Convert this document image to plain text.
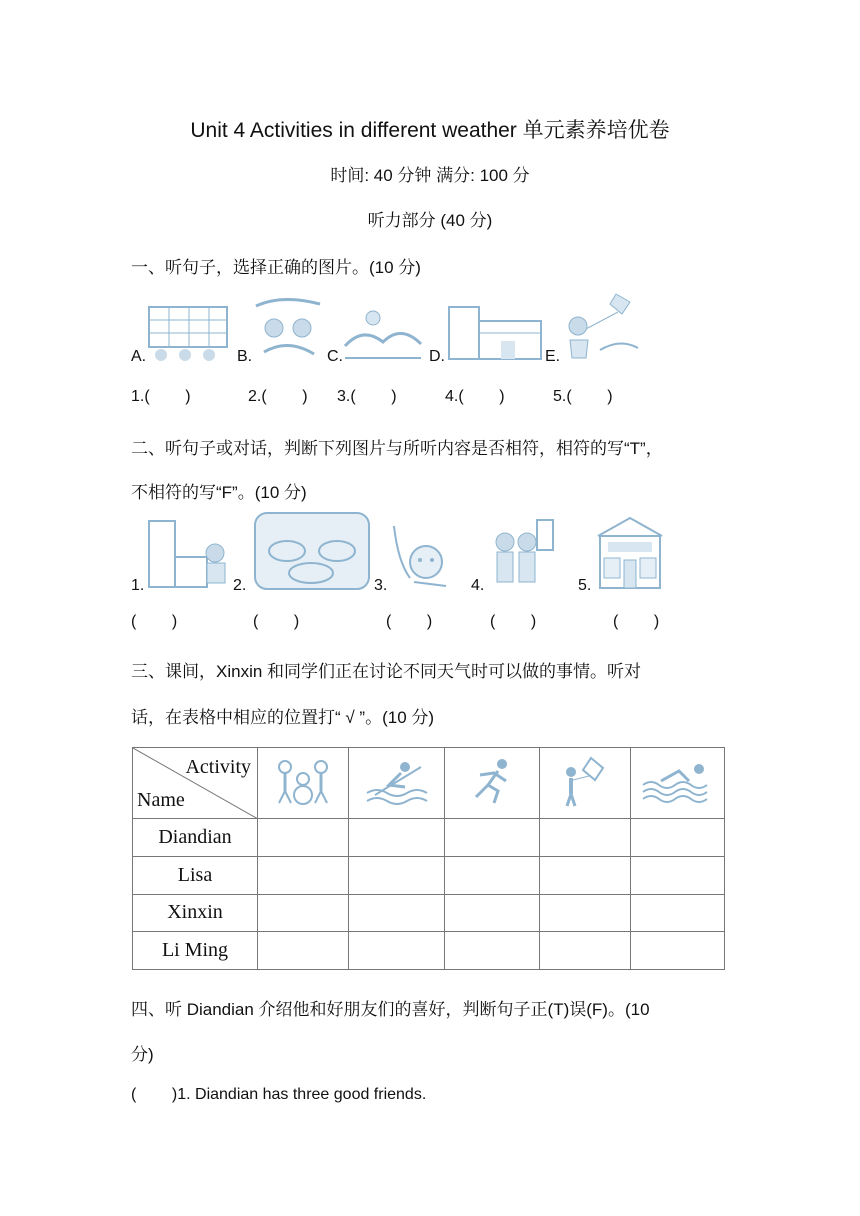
Unit 4 Activities in different weather 单元素养培优卷
时间: 40 分钟 满分: 100 分
听力部分 (40 分)
一、听句子，选择正确的图片。(10 分)
A.	B.	C.	D.	E.
1.(        )	2.(        ) 3.(        )	4.(        )	5.(        )
二、听句子或对话，判断下列图片与所听内容是否相符，相符的写“T”，
不相符的写“F”。(10 分)
1.	2.	3.	4.	5.
(        )	(        )	(        )	(        )	(        )
三、课间，Xinxin 和同学们正在讨论不同天气时可以做的事情。听对
话，在表格中相应的位置打“ √ ”。(10 分)
Activity
Name

Diandian					
Lisa					
Xinxin					
Li Ming					
四、听 Diandian 介绍他和好朋友们的喜好，判断句子正(T)误(F)。(10
分)
(        )1. Diandian has three good friends.
